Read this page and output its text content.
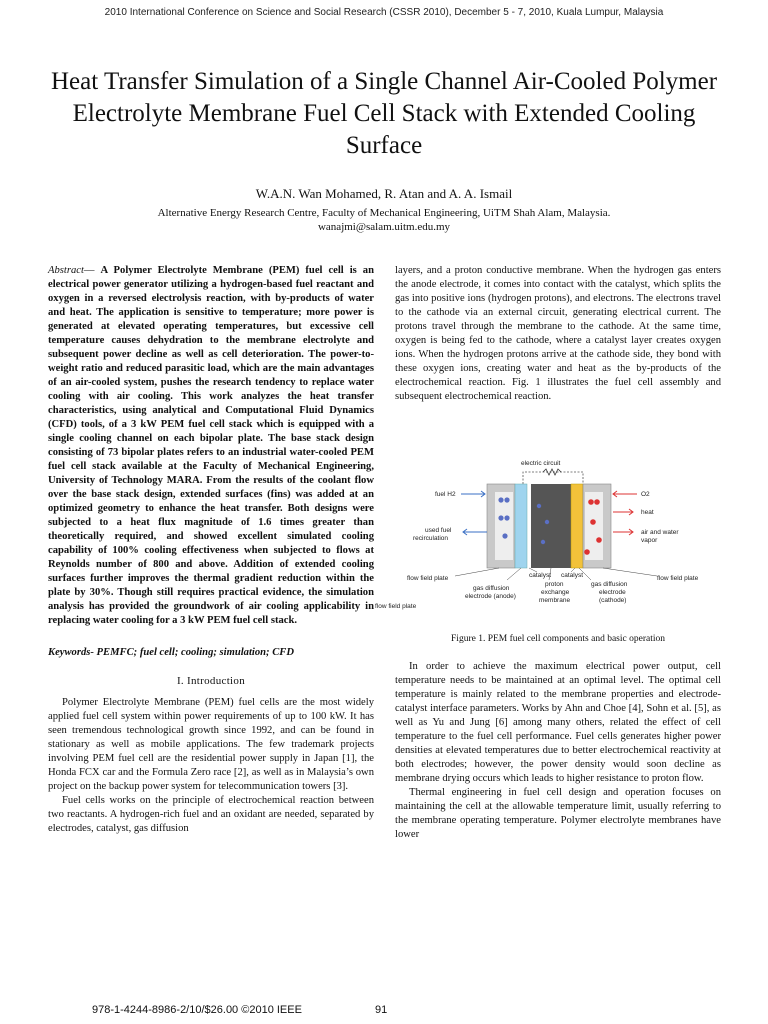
2010 International Conference on Science and Social Research (CSSR 2010), December 5 - 7, 2010, Kuala Lumpur, Malaysia
Heat Transfer Simulation of a Single Channel Air-Cooled Polymer Electrolyte Membrane Fuel Cell Stack with Extended Cooling Surface
W.A.N. Wan Mohamed, R. Atan and A. A. Ismail
Alternative Energy Research Centre, Faculty of Mechanical Engineering, UiTM Shah Alam, Malaysia.
wanajmi@salam.uitm.edu.my

Abstract— A Polymer Electrolyte Membrane (PEM) fuel cell is an electrical power generator utilizing a hydrogen-based fuel reactant and oxygen in a reversed electrolysis reaction, with by-products of water and heat. The application is sensitive to temperature; more power is generated at elevated operating temperatures, but excessive cell temperature causes dehydration to the membrane electrolyte and subsequent power decline as well as cell deterioration. The power-to-weight ratio and reduced parasitic load, which are the main advantages of an air-cooled system, pushes the research tendency to replace water cooling with air cooling. This work analyzes the heat transfer characteristics, using analytical and Computational Fluid Dynamics (CFD) tools, of a 3 kW PEM fuel cell stack which is equipped with a single cooling channel on each bipolar plate. The base stack design consisting of 73 bipolar plates refers to an industrial water-cooled PEM fuel cell stack available at the Faculty of Mechanical Engineering, University of Technology MARA. From the results of the coolant flow over the base stack design, extended surfaces (fins) was added at an optimized geometry to enhance the heat transfer. Both designs were subjected to a heat flux magnitude of 1.6 times greater than theoretically required, and showed excellent simulated cooling capability of 100% cooling effectiveness when subjected to flows at Reynolds number of 800 and above. Addition of extended cooling surfaces further improves the thermal gradient reduction within the plate by 30%. Though still requires practical evidence, the simulation analysis has provided the groundwork of air cooling applicability in replacing water cooling for a 3 kW PEM fuel cell stack.

Keywords- PEMFC; fuel cell; cooling; simulation; CFD

I. Introduction

Polymer Electrolyte Membrane (PEM) fuel cells are the most widely applied fuel cell system within power requirements of up to 100 kW. It has seen tremendous technological growth since 1992, and can be found in stationary as well as mobile applications. The few trademark projects involving PEM fuel cell are the residential power supply in Japan [1], the Honda FCX car and the Formula Zero race [2], as well as in Malaysia’s own project on the backup power system for telecommunication towers [3].

Fuel cells works on the principle of electrochemical reaction between two reactants. A hydrogen-rich fuel and an oxidant are needed, separated by electrodes, catalyst, gas diffusion

layers, and a proton conductive membrane. When the hydrogen gas enters the anode electrode, it comes into contact with the catalyst, which splits the gas into positive ions (hydrogen protons), and electrons. The electrons travel to the cathode via an external circuit, generating electrical current. The protons travel through the membrane to the cathode. At the same time, oxygen is being fed to the cathode, where a catalyst layer creates oxygen ions. When the hydrogen protons arrive at the cathode side, they bond with these oxygen ions, creating water and heat as the by-products of the electrochemical reaction. Fig. 1 illustrates the fuel cell assembly and subsequent electrochemical reaction.

electric circuit
fuel H2	O2
heat
air and water
vapor
used fuel
recirculation
flow field plate	catalyst catalyst	flow field plate
gas diffusion
electrode (anode)
proton
exchange
membrane
gas diffusion
electrode
(cathode)
flow field plate

Figure 1. PEM fuel cell components and basic operation

In order to achieve the maximum electrical power output, cell temperature needs to be maintained at an optimal level. The optimal cell temperature is mainly related to the membrane properties and electrode-catalyst interface parameters. Works by Ahn and Choe [4], Sohn et al. [5], as well as Yu and Jung [6] among many others, related the effect of cell temperature to the fuel cell performance. Fuel cells generates higher power densities at elevated temperatures due to better electrochemical reactivity at both electrodes; however, the power density would soon decline as membrane drying occurs which leads to higher resistance to proton flow.

Thermal engineering in fuel cell design and operation focuses on maintaining the cell at the allowable temperature limit, usually referring to the membrane operating temperature. Polymer electrolyte membranes have lower

978-1-4244-8986-2/10/$26.00 ©2010 IEEE	91
